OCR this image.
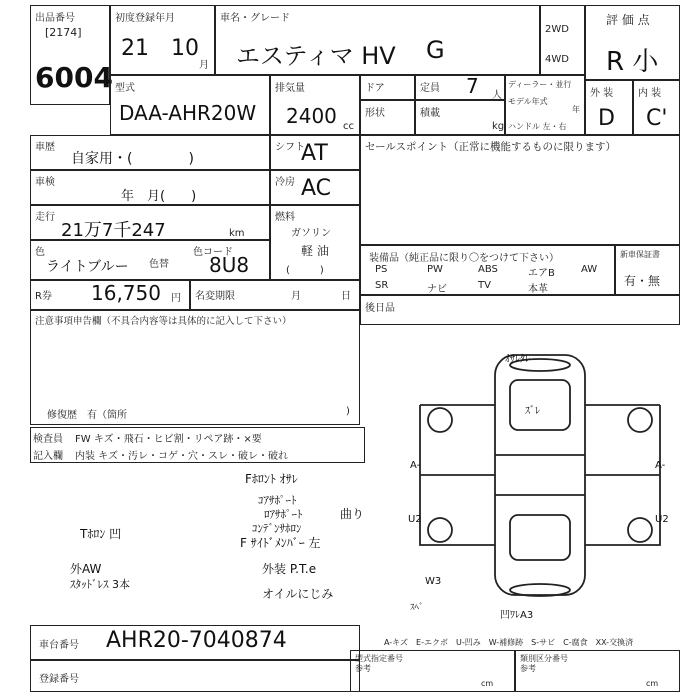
出品番号
[2174]
6004
初度登録年月
21 10
月
車名・グレード
エスティマ HV G
2WD
4WD
評 価 点
R 小
型式
DAA-AHR20W
排気量
2400 cc
ドア	定員 7 人
形状	積載
kg
ディーラー・並行
モデル年式
年
ハンドル 左・右
外 装
D
内 装
C'
車歴
自家用・(　　　　)
シフト
AT
車検
年　月(　　)
冷房 AC
走行
21万7千247	km
燃料
ガソリン
軽 油
(　　　)
色
ライトブルー 色替
色コード
8U8
R券 16,750 円 名変期限	月	日
注意事項申告欄（不具合内容等は具体的に記入して下さい）
修復歴　有（箇所	)
セールスポイント（正常に機能するものに限ります）
装備品（純正品に限り〇をつけて下さい）
PS	PW	ABS	エアB	AW
SR	ナビ	TV	本革
新車保証書
有・無
後日品
検査員
記入欄
FW キズ・飛石・ヒビ割・リペア跡・×要
内装 キズ・汚レ・コゲ・穴・スレ・破レ・破れ
Fﾎﾛﾝﾄ ｵｻﾚ
ｺｱｻﾎﾟｰﾄ
ﾛｱｻﾎﾟｰﾄ
ｺﾝﾃﾞﾝｻﾎﾛﾝ
曲り
F ｻｲﾄﾞﾒﾝﾊﾞｰ 左
Tﾎﾛﾝ 凹
外AW
ｽﾀｯﾄﾞﾚｽ 3本
外装 P.T.e
オイルにじみ
ｵｻﾚﾀﾚ
ｽﾞﾚ
A-
U2	U2
A-
W3
凹ﾜﾚA3
ｽﾍﾞ
車台番号 AHR20-7040874
登録番号
A-キズ　E-エクボ　U-凹み　W-補修跡　S-サビ　C-腐食　XX-交換済
型式指定番号
参考
cm
類別区分番号
参考
cm
